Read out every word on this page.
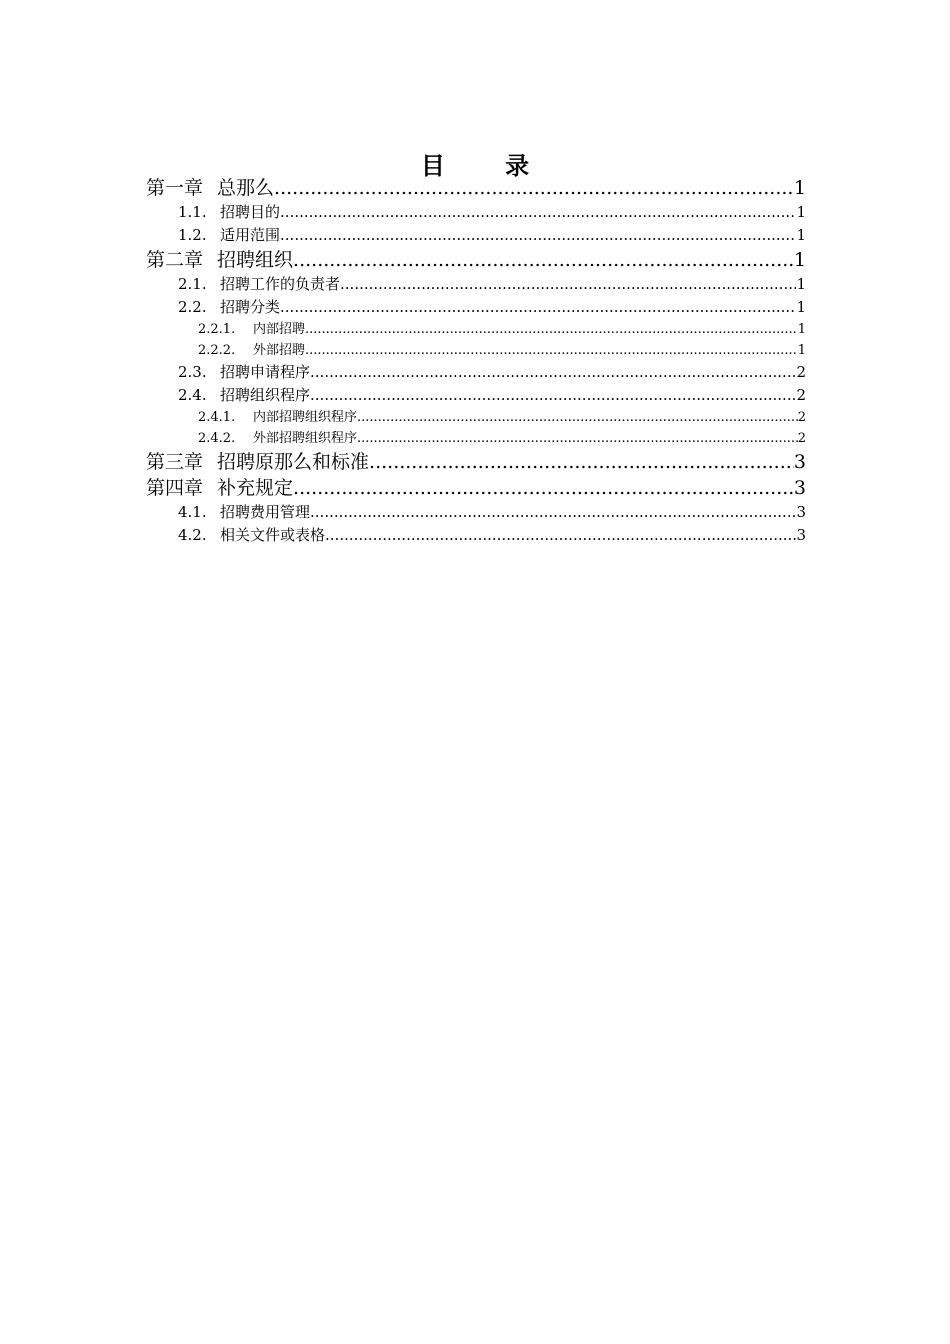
目 录
第一章 总那么 .....	1
1.1. 招聘目的 .....	1
1.2. 适用范围 .....	1
第二章 招聘组织 .....	1
2.1. 招聘工作的负责者 .....	1
2.2. 招聘分类 .....	1
2.2.1.	内部招聘 .....	1
2.2.2.	外部招聘 .....	1
2.3. 招聘申请程序 .....	2
2.4. 招聘组织程序 .....	2
2.4.1.	内部招聘组织程序 .....	2
2.4.2.	外部招聘组织程序 .....	2
第三章 招聘原那么和标准 .....	3
第四章 补充规定 .....	3
4.1. 招聘费用管理 .....	3
4.2. 相关文件或表格 .....	3
